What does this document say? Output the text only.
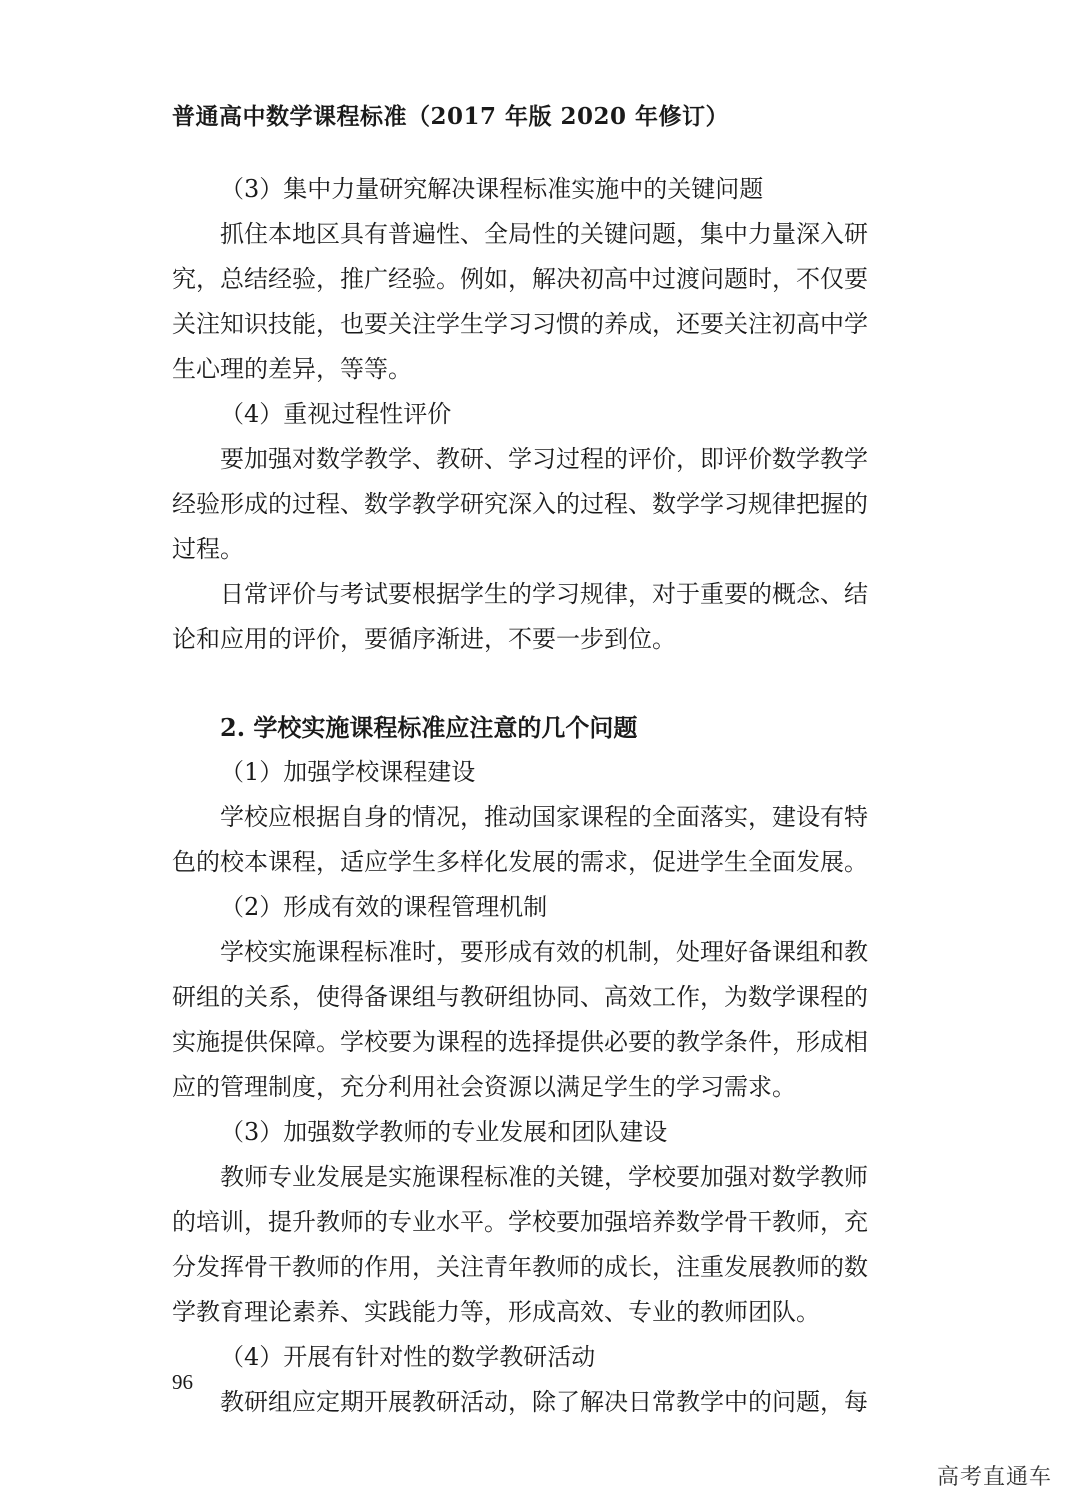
普通高中数学课程标准（2017 年版 2020 年修订）
（3）集中力量研究解决课程标准实施中的关键问题
抓住本地区具有普遍性、全局性的关键问题，集中力量深入研
究，总结经验，推广经验。例如，解决初高中过渡问题时，不仅要
关注知识技能，也要关注学生学习习惯的养成，还要关注初高中学
生心理的差异，等等。
（4）重视过程性评价
要加强对数学教学、教研、学习过程的评价，即评价数学教学
经验形成的过程、数学教学研究深入的过程、数学学习规律把握的
过程。
日常评价与考试要根据学生的学习规律，对于重要的概念、结
论和应用的评价，要循序渐进，不要一步到位。
2. 学校实施课程标准应注意的几个问题
（1）加强学校课程建设
学校应根据自身的情况，推动国家课程的全面落实，建设有特
色的校本课程，适应学生多样化发展的需求，促进学生全面发展。
（2）形成有效的课程管理机制
学校实施课程标准时，要形成有效的机制，处理好备课组和教
研组的关系，使得备课组与教研组协同、高效工作，为数学课程的
实施提供保障。学校要为课程的选择提供必要的教学条件，形成相
应的管理制度，充分利用社会资源以满足学生的学习需求。
（3）加强数学教师的专业发展和团队建设
教师专业发展是实施课程标准的关键，学校要加强对数学教师
的培训，提升教师的专业水平。学校要加强培养数学骨干教师，充
分发挥骨干教师的作用，关注青年教师的成长，注重发展教师的数
学教育理论素养、实践能力等，形成高效、专业的教师团队。
（4）开展有针对性的数学教研活动
教研组应定期开展教研活动，除了解决日常教学中的问题，每
96
高考直通车
